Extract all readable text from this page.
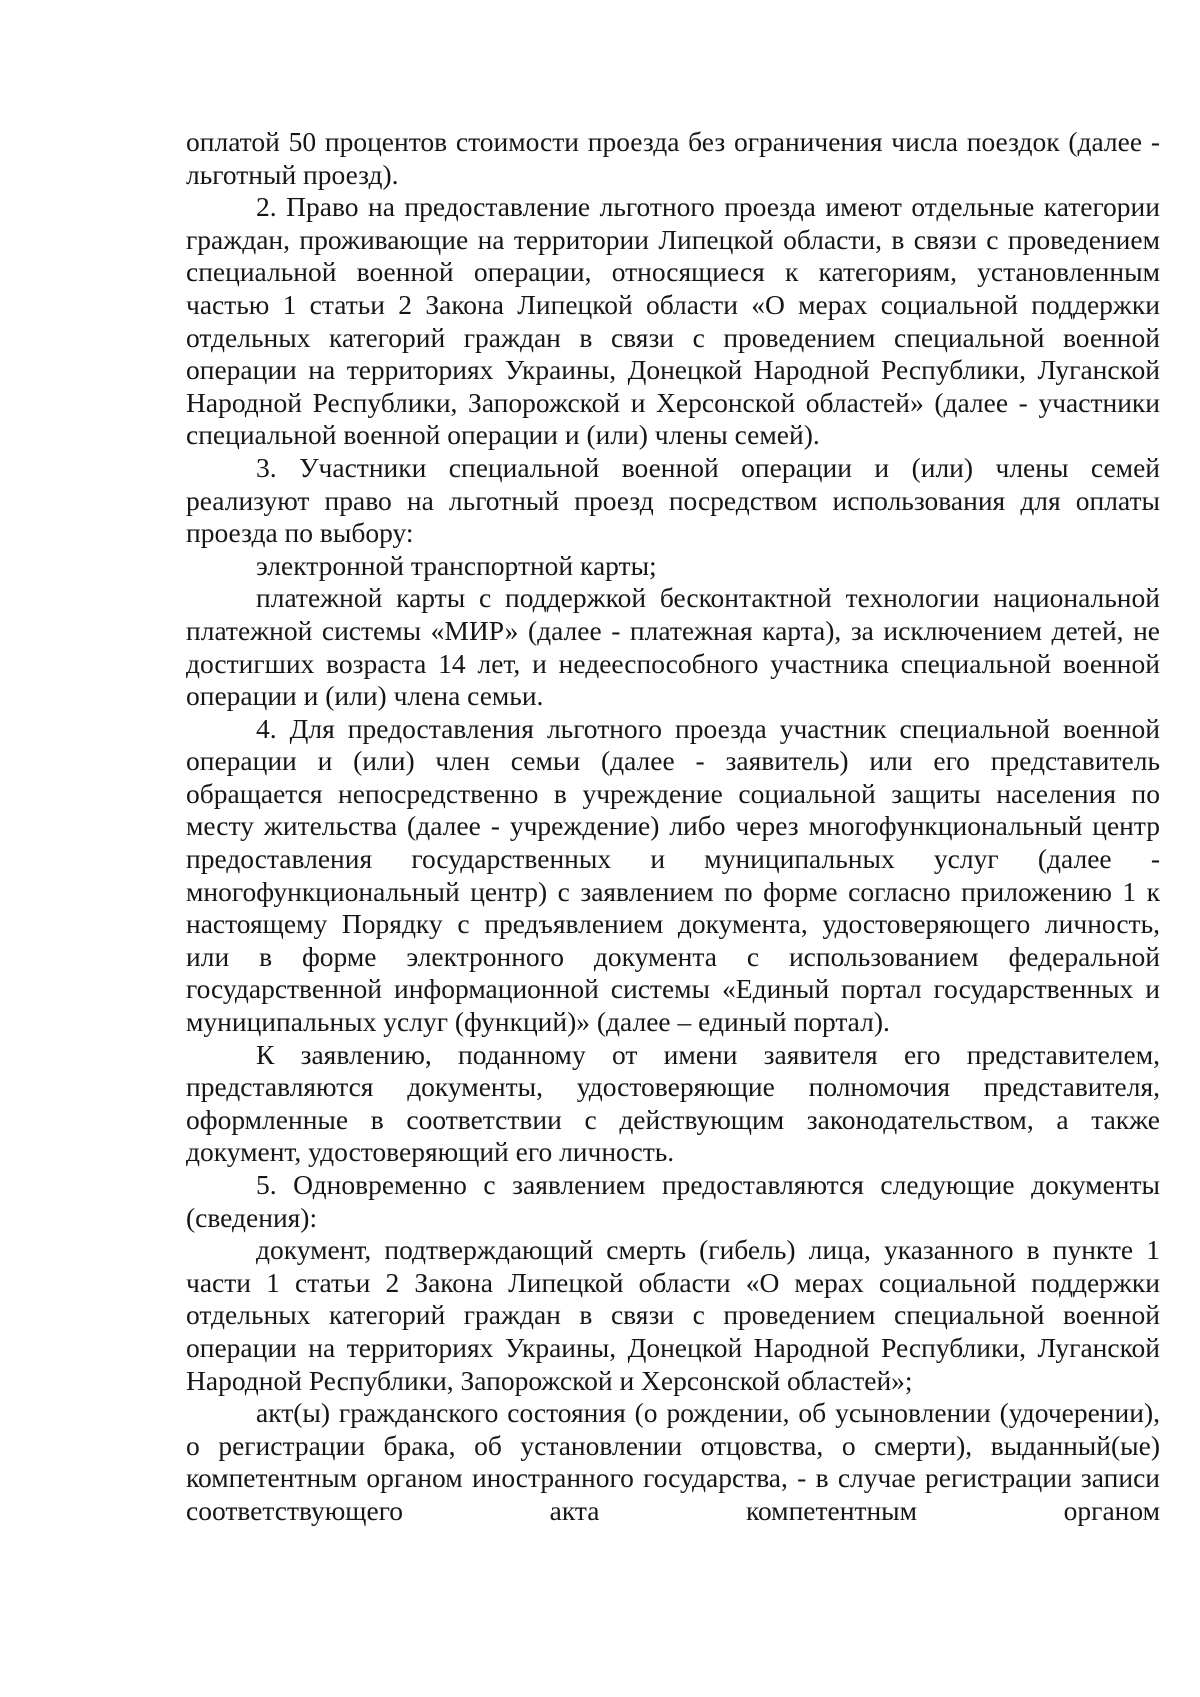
оплатой 50 процентов стоимости проезда без ограничения числа поездок (далее - льготный проезд).

2. Право на предоставление льготного проезда имеют отдельные категории граждан, проживающие на территории Липецкой области, в связи с проведением специальной военной операции, относящиеся к категориям, установленным частью 1 статьи 2 Закона Липецкой области «О мерах социальной поддержки отдельных категорий граждан в связи с проведением специальной военной операции на территориях Украины, Донецкой Народной Республики, Луганской Народной Республики, Запорожской и Херсонской областей» (далее - участники специальной военной операции и (или) члены семей).

3. Участники специальной военной операции и (или) члены семей реализуют право на льготный проезд посредством использования для оплаты проезда по выбору:

электронной транспортной карты;

платежной карты с поддержкой бесконтактной технологии национальной платежной системы «МИР» (далее - платежная карта), за исключением детей, не достигших возраста 14 лет, и недееспособного участника специальной военной операции и (или) члена семьи.

4. Для предоставления льготного проезда участник специальной военной операции и (или) член семьи (далее - заявитель) или его представитель обращается непосредственно в учреждение социальной защиты населения по месту жительства (далее - учреждение) либо через многофункциональный центр предоставления государственных и муниципальных услуг (далее - многофункциональный центр) с заявлением по форме согласно приложению 1 к настоящему Порядку с предъявлением документа, удостоверяющего личность, или в форме электронного документа с использованием федеральной государственной информационной системы «Единый портал государственных и муниципальных услуг (функций)» (далее – единый портал).

К заявлению, поданному от имени заявителя его представителем, представляются документы, удостоверяющие полномочия представителя, оформленные в соответствии с действующим законодательством, а также документ, удостоверяющий его личность.

5. Одновременно с заявлением предоставляются следующие документы (сведения):

документ, подтверждающий смерть (гибель) лица, указанного в пункте 1 части 1 статьи 2 Закона Липецкой области «О мерах социальной поддержки отдельных категорий граждан в связи с проведением специальной военной операции на территориях Украины, Донецкой Народной Республики, Луганской Народной Республики, Запорожской и Херсонской областей»;

акт(ы) гражданского состояния (о рождении, об усыновлении (удочерении), о регистрации брака, об установлении отцовства, о смерти), выданный(ые) компетентным органом иностранного государства, - в случае регистрации записи соответствующего акта компетентным органом
